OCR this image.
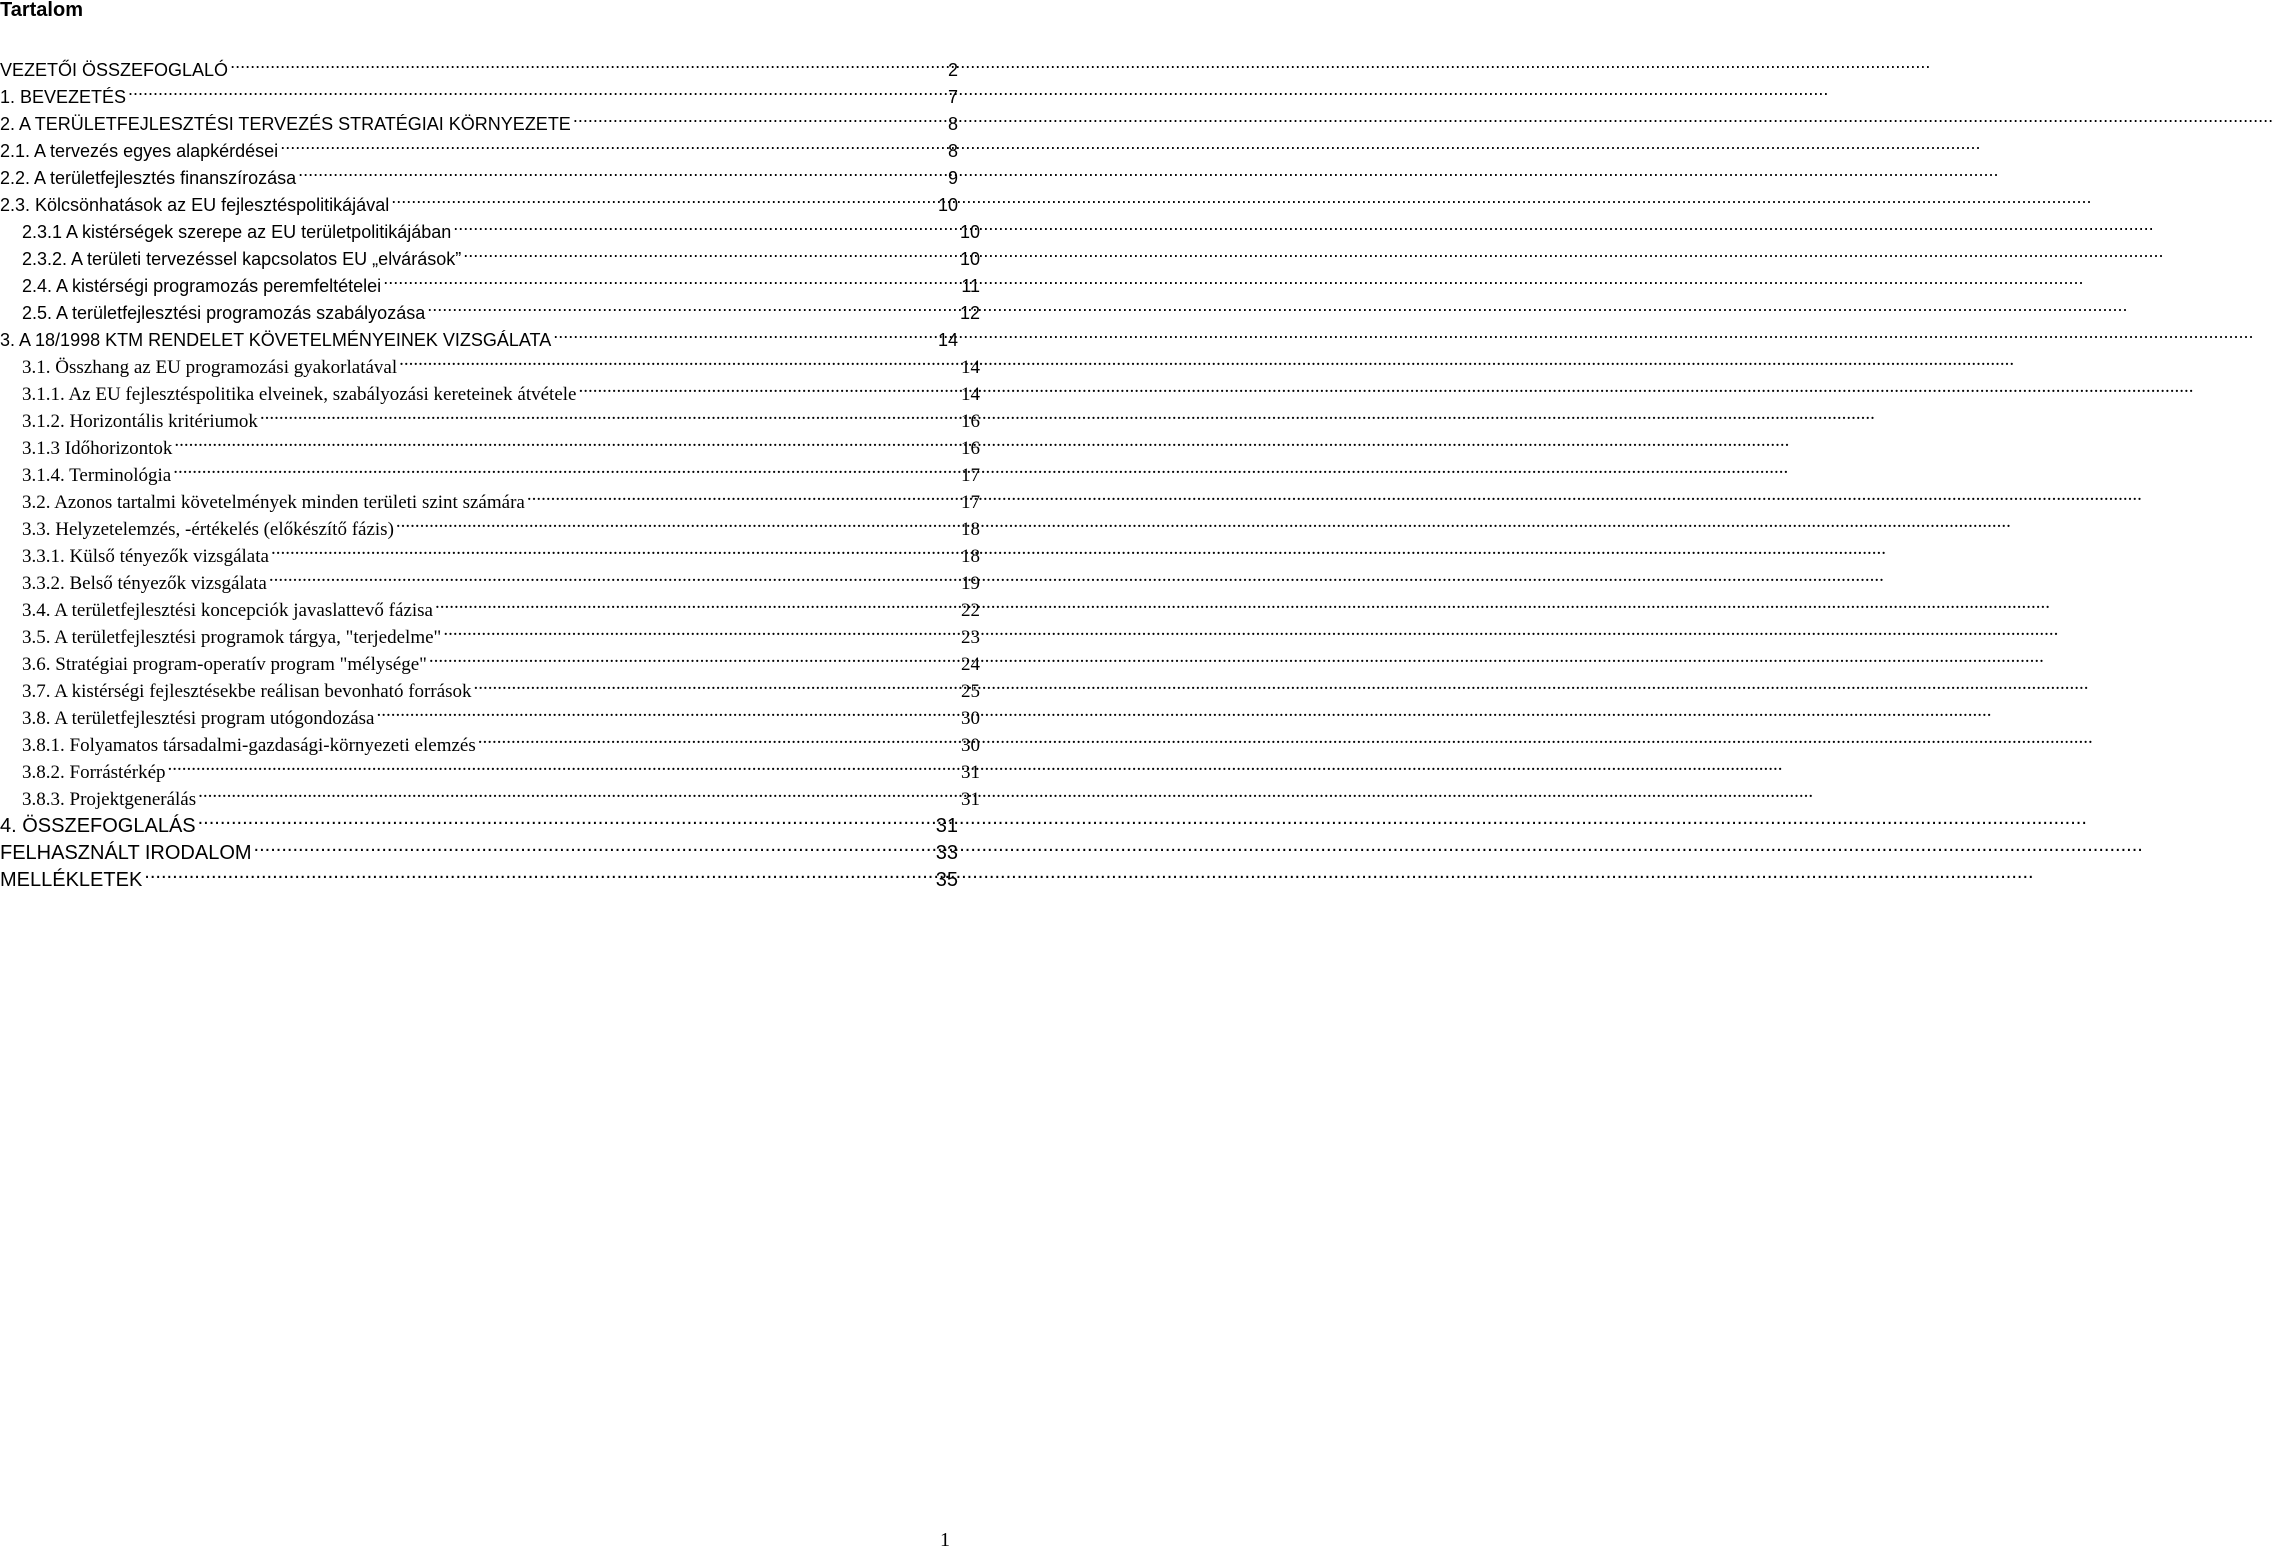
Tartalom
VEZETŐI ÖSSZEFOGLALÓ .....	2
1. BEVEZETÉS .....	7
2. A TERÜLETFEJLESZTÉSI TERVEZÉS STRATÉGIAI KÖRNYEZETE .....	8
2.1. A tervezés egyes alapkérdései .....	8
2.2. A területfejlesztés finanszírozása .....	9
2.3. Kölcsönhatások az EU fejlesztéspolitikájával .....	10
2.3.1 A kistérségek szerepe az EU területpolitikájában .....	10
2.3.2. A területi tervezéssel kapcsolatos EU „elvárások” .....	10
2.4. A kistérségi programozás peremfeltételei .....	11
2.5. A területfejlesztési programozás szabályozása .....	12
3. A 18/1998 KTM RENDELET KÖVETELMÉNYEINEK VIZSGÁLATA .....	14
3.1. Összhang az EU programozási gyakorlatával .....	14
3.1.1. Az EU fejlesztéspolitika elveinek, szabályozási kereteinek átvétele .....	14
3.1.2. Horizontális kritériumok .....	16
3.1.3 Időhorizontok .....	16
3.1.4. Terminológia .....	17
3.2. Azonos tartalmi követelmények minden területi szint számára .....	17
3.3. Helyzetelemzés, -értékelés (előkészítő fázis) .....	18
3.3.1. Külső tényezők vizsgálata .....	18
3.3.2. Belső tényezők vizsgálata .....	19
3.4. A területfejlesztési koncepciók javaslattevő fázisa .....	22
3.5. A területfejlesztési programok tárgya, "terjedelme" .....	23
3.6. Stratégiai program-operatív program "mélysége" .....	24
3.7. A kistérségi fejlesztésekbe reálisan bevonható források .....	25
3.8. A területfejlesztési program utógondozása .....	30
3.8.1. Folyamatos társadalmi-gazdasági-környezeti elemzés .....	30
3.8.2. Forrástérkép .....	31
3.8.3. Projektgenerálás .....	31
4. ÖSSZEFOGLALÁS .....	31
FELHASZNÁLT IRODALOM .....	33
MELLÉKLETEK .....	35
1
